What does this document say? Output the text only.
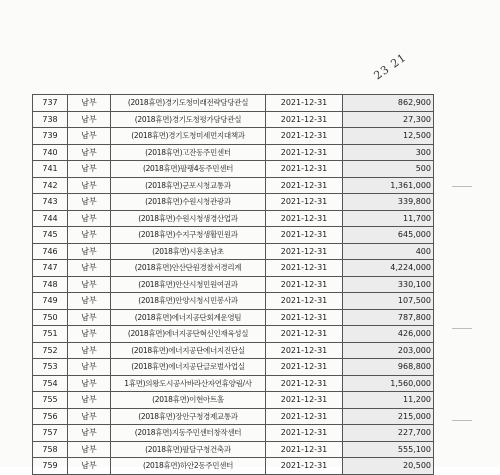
23 21
737	남부	(2018휴면)경기도청미래전략담당관실	2021-12-31	862,900
738	남부	(2018휴면)경기도청평가담당관실	2021-12-31	27,300
739	남부	(2018휴면)경기도청미세먼지대책과	2021-12-31	12,500
740	남부	(2018휴면)고잔동주민센터	2021-12-31	300
741	남부	(2018휴면)팔팽4동주민센터	2021-12-31	500
742	남부	(2018휴면)군포시청교통과	2021-12-31	1,361,000
743	남부	(2018휴면)수원시청관광과	2021-12-31	339,800
744	남부	(2018휴면)수원시청생경산업과	2021-12-31	11,700
745	남부	(2018휴면)수지구청생활민원과	2021-12-31	645,000
746	남부	(2018휴면)시흥초남초	2021-12-31	400
747	남부	(2018휴면)안산단원경찰서경리계	2021-12-31	4,224,000
748	남부	(2018휴면)안산시청민원여권과	2021-12-31	330,100
749	남부	(2018휴면)안양시청시민봉사과	2021-12-31	107,500
750	남부	(2018휴면)에너지공단회계운영팀	2021-12-31	787,800
751	남부	(2018휴면)에너지공단혁신인재육성실	2021-12-31	426,000
752	남부	(2018휴면)에너지공단에너지진단실	2021-12-31	203,000
753	남부	(2018휴면)에너지공단글로벌사업실	2021-12-31	968,800
754	남부	1휴면)의왕도시공사바라산자연휴양림/사	2021-12-31	1,560,000
755	남부	(2018휴면)이현아트홀	2021-12-31	11,200
756	남부	(2018휴면)장안구청경제교통과	2021-12-31	215,000
757	남부	(2018휴면)지동주민센터창작센터	2021-12-31	227,700
758	남부	(2018휴면)팔달구청건축과	2021-12-31	555,100
759	남부	(2018휴면)하안2동주민센터	2021-12-31	20,500
